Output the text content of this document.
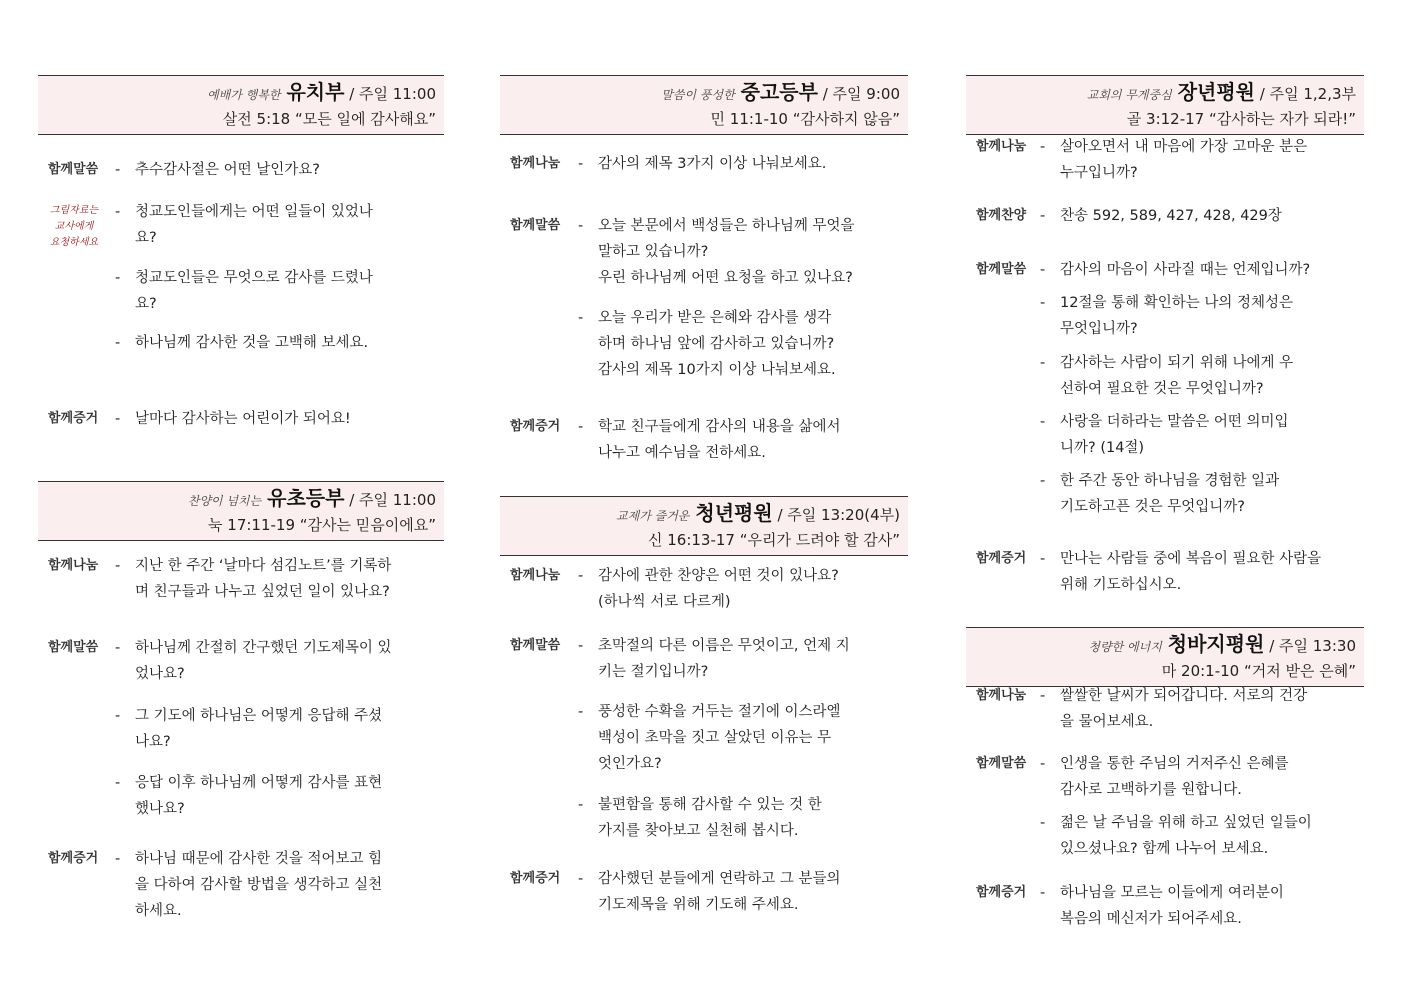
예배가 행복한 유치부 / 주일 11:00
살전 5:18 “모든 일에 감사해요”
함께말씀 - 추수감사절은 어떤 날인가요?
그림자료는
교사에게
요청하세요
- 청교도인들에게는 어떤 일들이 있었나
요?
- 청교도인들은 무엇으로 감사를 드렸나
요?
- 하나님께 감사한 것을 고백해 보세요.
함께증거 - 날마다 감사하는 어린이가 되어요!
찬양이 넘치는 유초등부 / 주일 11:00
눅 17:11-19 “감사는 믿음이에요”
함께나눔 - 지난 한 주간 ‘날마다 섬김노트’를 기록하
며 친구들과 나누고 싶었던 일이 있나요?
함께말씀 - 하나님께 간절히 간구했던 기도제목이 있
었나요?
- 그 기도에 하나님은 어떻게 응답해 주셨
나요?
- 응답 이후 하나님께 어떻게 감사를 표현
했나요?
함께증거 - 하나님 때문에 감사한 것을 적어보고 힘
을 다하여 감사할 방법을 생각하고 실천
하세요.
말씀이 풍성한 중고등부 / 주일 9:00
민 11:1-10 “감사하지 않음”
함께나눔 - 감사의 제목 3가지 이상 나눠보세요.
함께말씀 - 오늘 본문에서 백성들은 하나님께 무엇을
말하고 있습니까?
우린 하나님께 어떤 요청을 하고 있나요?
- 오늘 우리가 받은 은혜와 감사를 생각
하며 하나님 앞에 감사하고 있습니까?
감사의 제목 10가지 이상 나눠보세요.
함께증거 - 학교 친구들에게 감사의 내용을 삶에서
나누고 예수님을 전하세요.
교제가 즐거운 청년평원 / 주일 13:20(4부)
신 16:13-17 “우리가 드려야 할 감사”
함께나눔 - 감사에 관한 찬양은 어떤 것이 있나요?
(하나씩 서로 다르게)
함께말씀 - 초막절의 다른 이름은 무엇이고, 언제 지
키는 절기입니까?
- 풍성한 수확을 거두는 절기에 이스라엘
백성이 초막을 짓고 살았던 이유는 무
엇인가요?
- 불편함을 통해 감사할 수 있는 것 한
가지를 찾아보고 실천해 봅시다.
함께증거 - 감사했던 분들에게 연락하고 그 분들의
기도제목을 위해 기도해 주세요.
교회의 무게중심 장년평원 / 주일 1,2,3부
골 3:12-17 “감사하는 자가 되라!”
함께나눔 - 살아오면서 내 마음에 가장 고마운 분은
누구입니까?
함께찬양 - 찬송 592, 589, 427, 428, 429장
함께말씀 - 감사의 마음이 사라질 때는 언제입니까?
- 12절을 통해 확인하는 나의 정체성은
무엇입니까?
- 감사하는 사람이 되기 위해 나에게 우
선하여 필요한 것은 무엇입니까?
- 사랑을 더하라는 말씀은 어떤 의미입
니까? (14절)
- 한 주간 동안 하나님을 경험한 일과
기도하고픈 것은 무엇입니까?
함께증거 - 만나는 사람들 중에 복음이 필요한 사람을
위해 기도하십시오.
청량한 에너지 청바지평원 / 주일 13:30
마 20:1-10 “거저 받은 은혜”
함께나눔 - 쌀쌀한 날씨가 되어갑니다. 서로의 건강
을 물어보세요.
함께말씀 - 인생을 통한 주님의 거저주신 은혜를
감사로 고백하기를 원합니다.
- 젊은 날 주님을 위해 하고 싶었던 일들이
있으셨나요? 함께 나누어 보세요.
함께증거 - 하나님을 모르는 이들에게 여러분이
복음의 메신저가 되어주세요.
